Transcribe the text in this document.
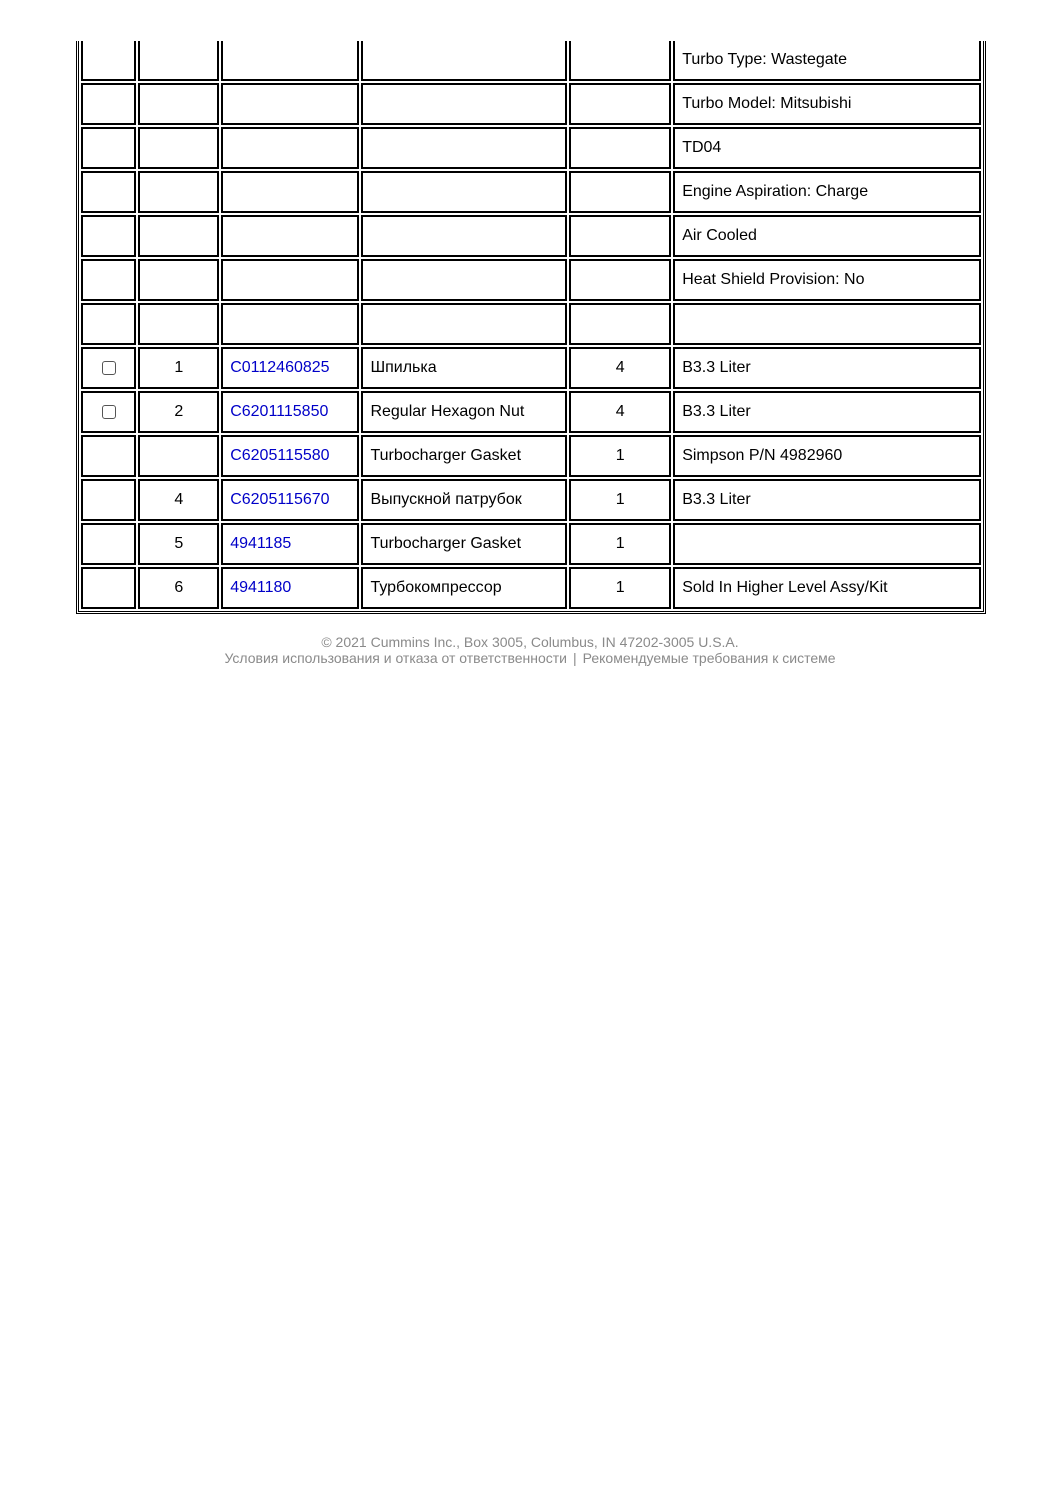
					Turbo Type: Wastegate
					Turbo Model: Mitsubishi
					TD04
					Engine Aspiration: Charge
					Air Cooled
					Heat Shield Provision: No

	1	C0112460825	Шпилька	4	B3.3 Liter
	2	C6201115850	Regular Hexagon Nut	4	B3.3 Liter
		C6205115580	Turbocharger Gasket	1	Simpson P/N 4982960
	4	C6205115670	Выпускной патрубок	1	B3.3 Liter
	5	4941185	Turbocharger Gasket	1	
	6	4941180	Турбокомпрессор	1	Sold In Higher Level Assy/Kit
© 2021 Cummins Inc., Box 3005, Columbus, IN 47202-3005 U.S.A.
Условия использования и отказа от ответственности | Рекомендуемые требования к системе
